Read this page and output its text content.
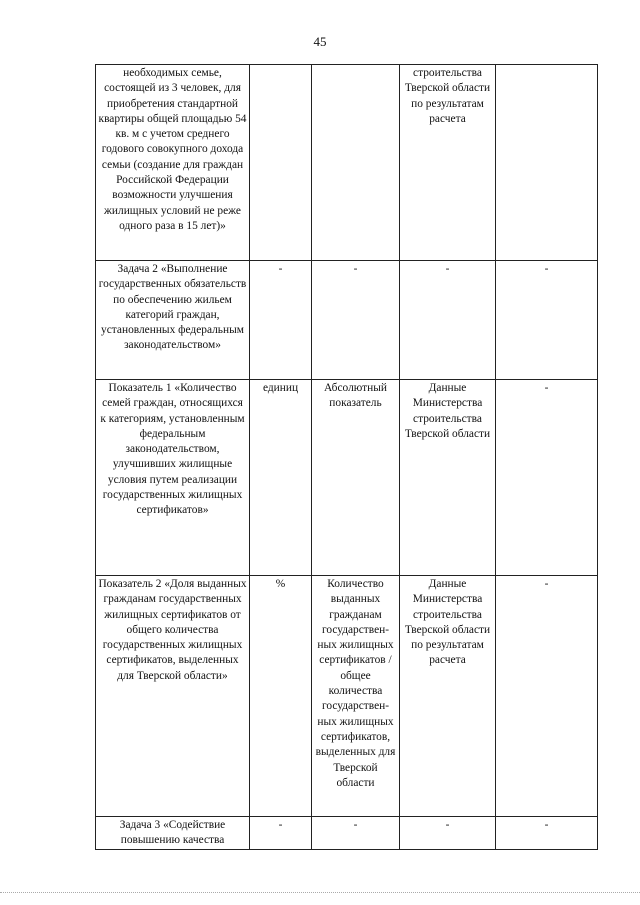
45
необходимых семье, состоящей из 3 человек, для приобретения стандартной квартиры общей площадью 54 кв. м с учетом среднего годового совокупного дохода семьи (создание для граждан Российской Федерации возможности улучшения жилищных условий не реже одного раза в 15 лет)»			строительства Тверской области по результатам расчета	
Задача 2 «Выполнение государственных обязательств по обеспечению жильем категорий граждан, установленных федеральным законодательством»	-	-	-	-
Показатель 1 «Количество семей граждан, относящихся к категориям, установленным федеральным законодательством, улучшивших жилищные условия путем реализации государственных жилищных сертификатов»	единиц	Абсолютный показатель	Данные Министерства строительства Тверской области	-
Показатель 2 «Доля выданных гражданам государственных жилищных сертификатов от общего количества государственных жилищных сертификатов, выделенных для Тверской области»	%	Количество выданных гражданам государствен-ных жилищных сертификатов /общее количества государствен-ных жилищных сертификатов, выделенных для Тверской области	Данные Министерства строительства Тверской области по результатам расчета	-
Задача 3 «Содействие повышению качества	-	-	-	-
